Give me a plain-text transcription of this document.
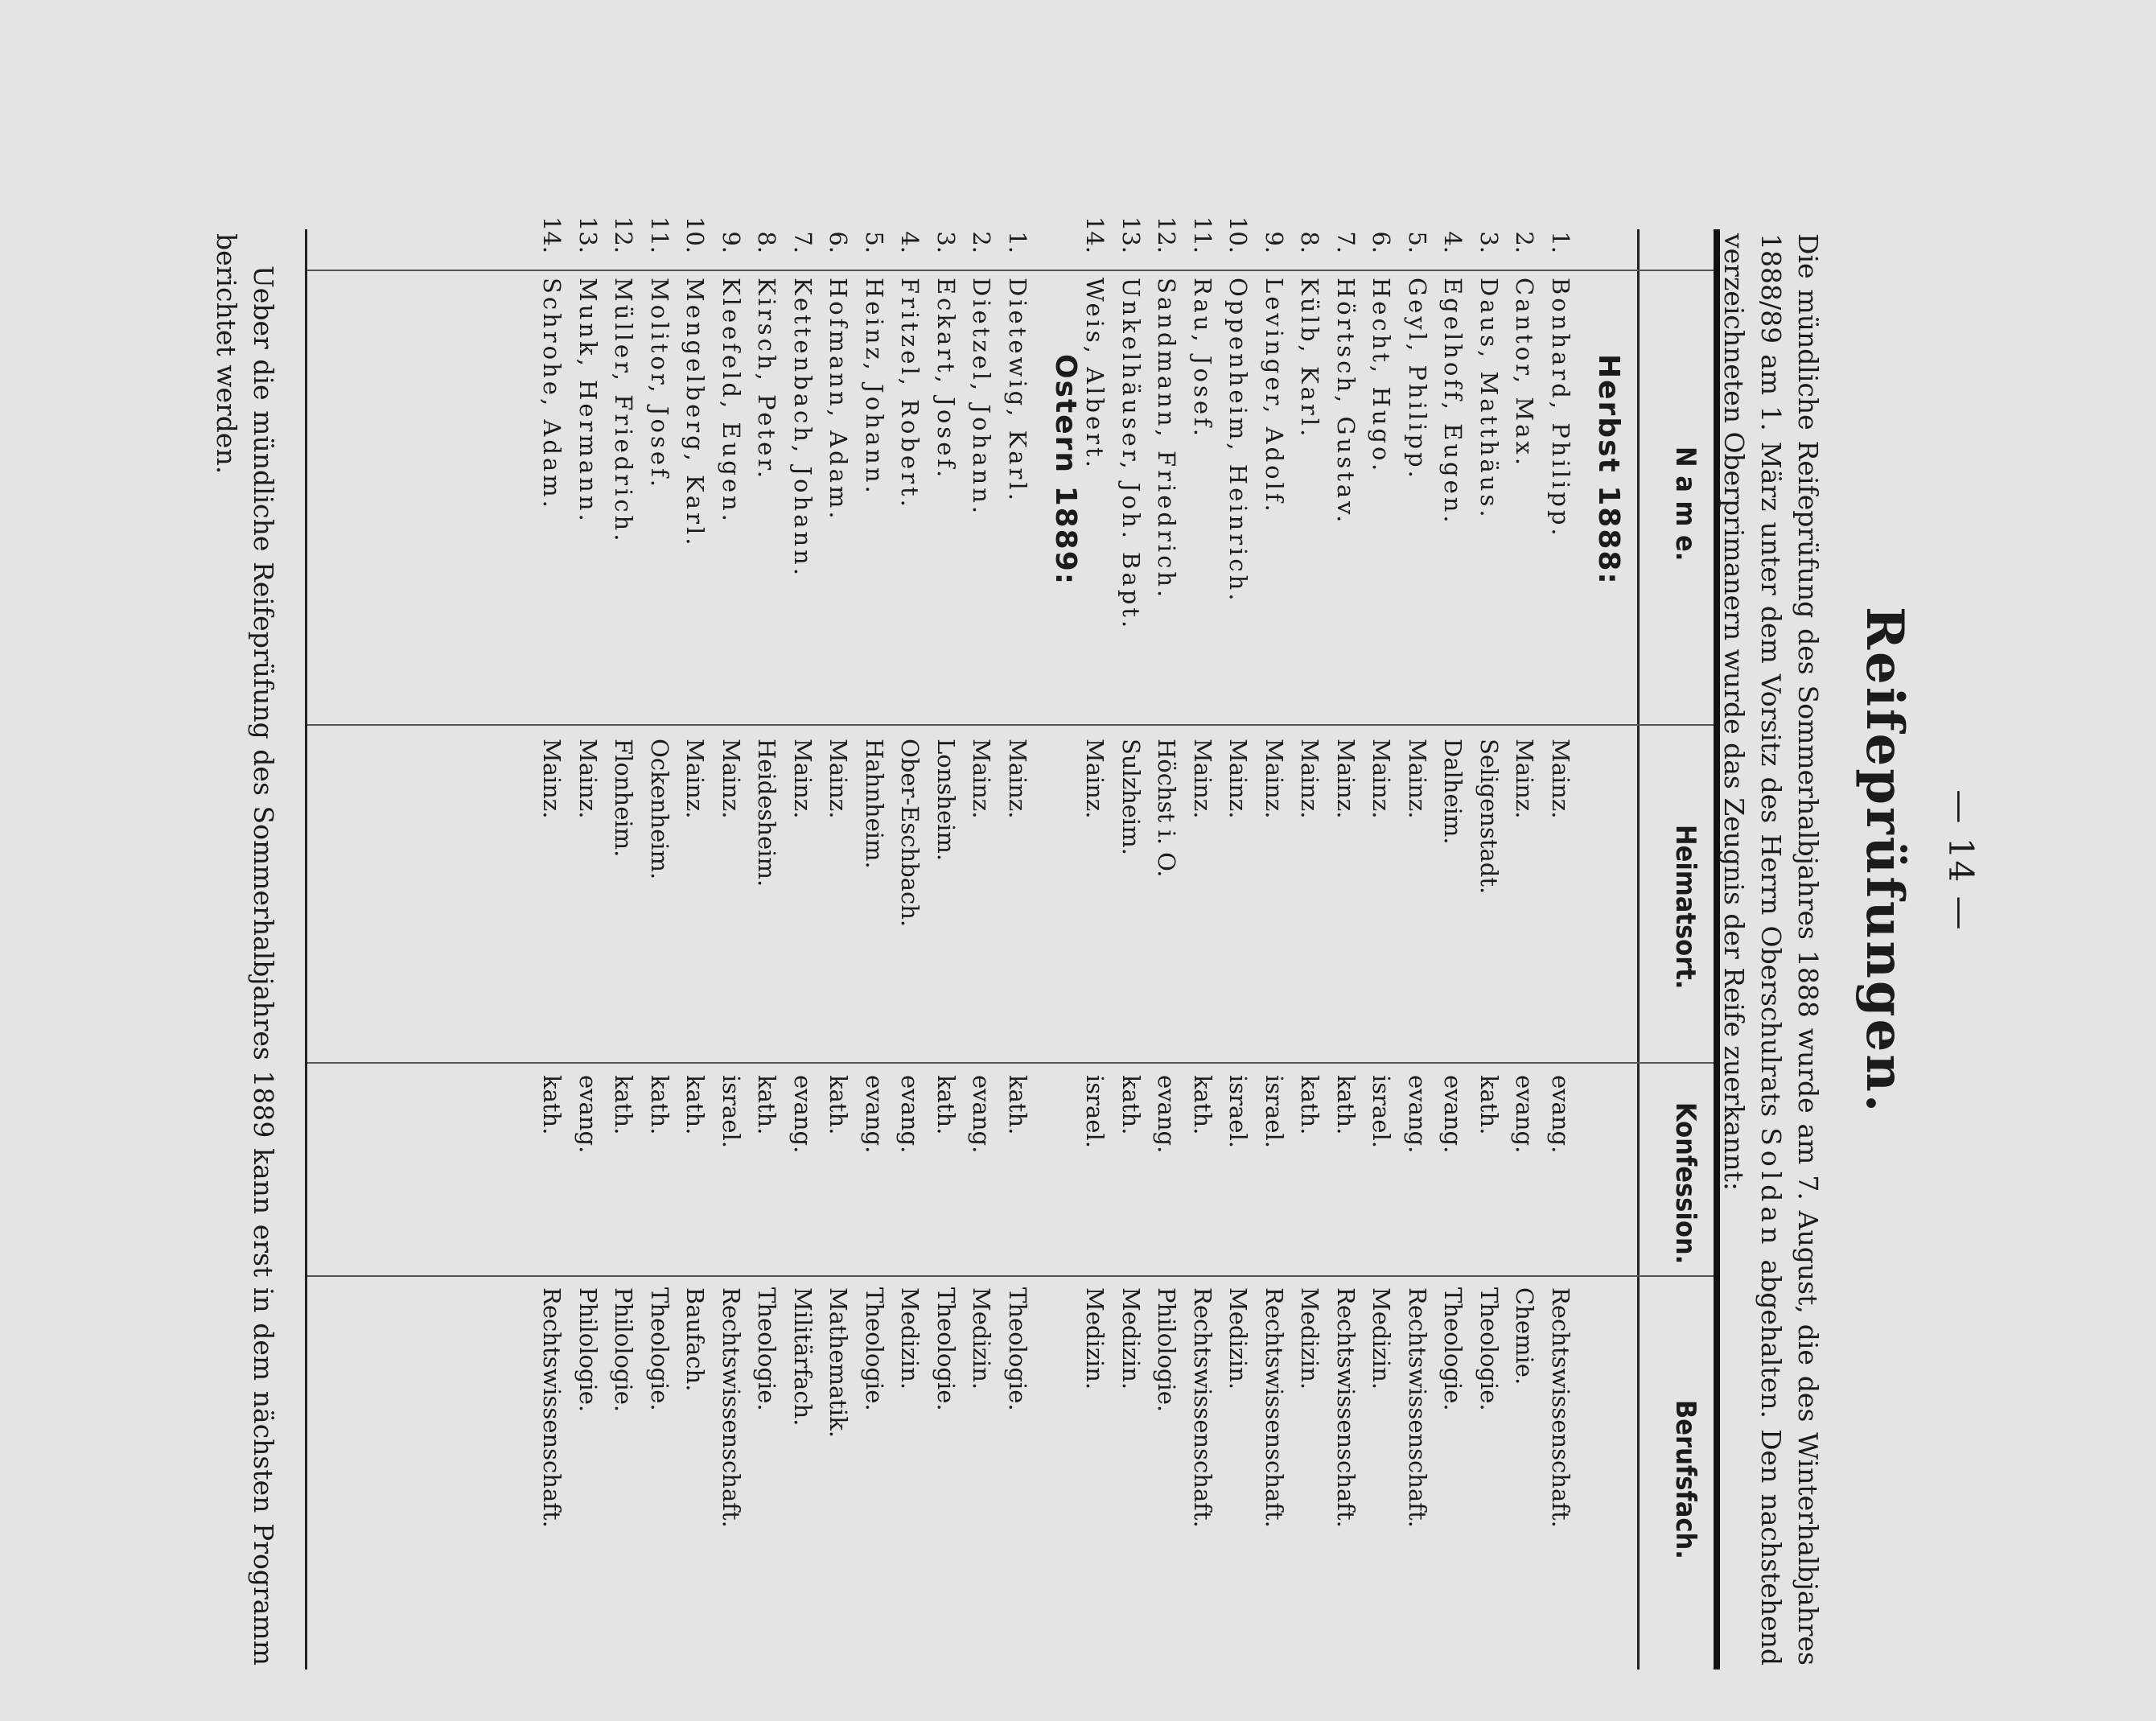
— 14 —
Reifeprüfungen.

Die mündliche Reifeprüfung des Sommerhalbjahres 1888 wurde am 7. August, die des Winterhalbjahres 1888/89 am 1. März unter dem Vorsitz des Herrn Oberschulrats Soldan abgehalten. Den nachstehend verzeichneten Oberprimanern wurde das Zeugnis der Reife zuerkannt:

N a m e.
Heimatsort.
Konfession.
Berufsfach.
Herbst 1888:
1.
Bonhard, Philipp.
Mainz.
evang.
Rechtswissenschaft.
2.
Cantor, Max.
Mainz.
evang.
Chemie.
3.
Daus, Matthäus.
Seligenstadt.
kath.
Theologie.
4.
Egelhoff, Eugen.
Dalheim.
evang.
Theologie.
5.
Geyl, Philipp.
Mainz.
evang.
Rechtswissenschaft.
6.
Hecht, Hugo.
Mainz.
israel.
Medizin.
7.
Hörtsch, Gustav.
Mainz.
kath.
Rechtswissenschaft.
8.
Külb, Karl.
Mainz.
kath.
Medizin.
9.
Levinger, Adolf.
Mainz.
israel.
Rechtswissenschaft.
10.
Oppenheim, Heinrich.
Mainz.
israel.
Medizin.
11.
Rau, Josef.
Mainz.
kath.
Rechtswissenschaft.
12.
Sandmann, Friedrich.
Höchst i. O.
evang.
Philologie.
13.
Unkelhäuser, Joh. Bapt.
Sulzheim.
kath.
Medizin.
14.
Weis, Albert.
Mainz.
israel.
Medizin.
Ostern 1889:
1.
Dietewig, Karl.
Mainz.
kath.
Theologie.
2.
Dietzel, Johann.
Mainz.
evang.
Medizin.
3.
Eckart, Josef.
Lonsheim.
kath.
Theologie.
4.
Fritzel, Robert.
Ober-Eschbach.
evang.
Medizin.
5.
Heinz, Johann.
Hahnheim.
evang.
Theologie.
6.
Hofmann, Adam.
Mainz.
kath.
Mathematik.
7.
Kettenbach, Johann.
Mainz.
evang.
Militärfach.
8.
Kirsch, Peter.
Heidesheim.
kath.
Theologie.
9.
Kleefeld, Eugen.
Mainz.
israel.
Rechtswissenschaft.
10.
Mengelberg, Karl.
Mainz.
kath.
Baufach.
11.
Molitor, Josef.
Ockenheim.
kath.
Theologie.
12.
Müller, Friedrich.
Flonheim.
kath.
Philologie.
13.
Munk, Hermann.
Mainz.
evang.
Philologie.
14.
Schrohe, Adam.
Mainz.
kath.
Rechtswissenschaft.

Ueber die mündliche Reifeprüfung des Sommerhalbjahres 1889 kann erst in dem nächsten Programm berichtet werden.
